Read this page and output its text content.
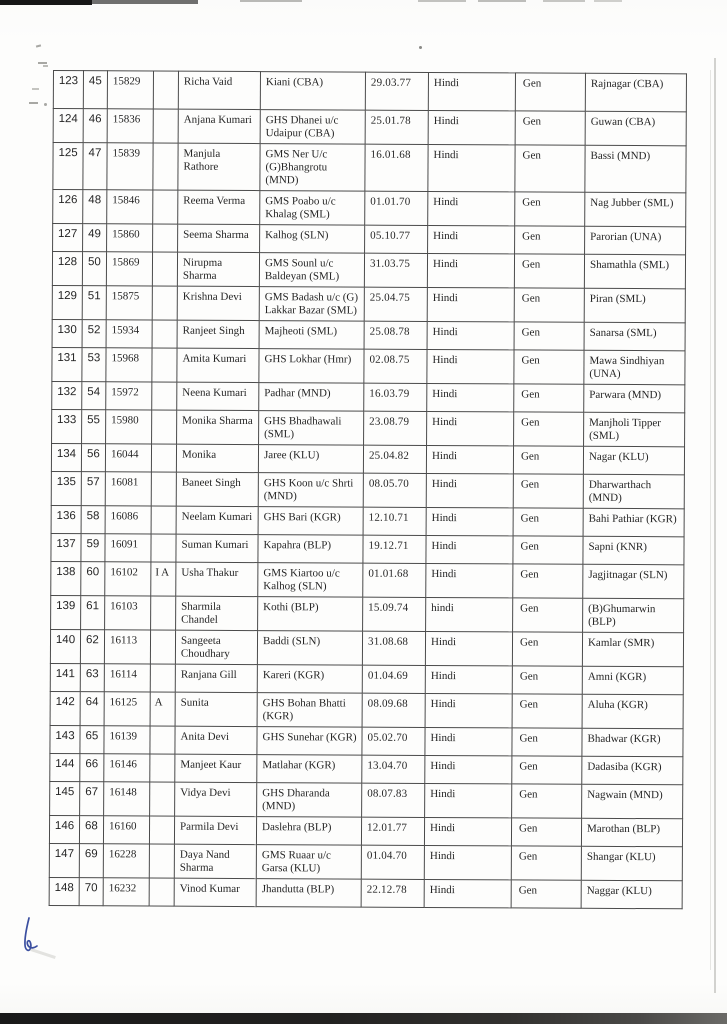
123	45	15829		Richa Vaid	Kiani (CBA)	29.03.77	Hindi	Gen	Rajnagar (CBA)
124	46	15836		Anjana Kumari	GHS Dhanei u/c Udaipur (CBA)	25.01.78	Hindi	Gen	Guwan (CBA)
125	47	15839		Manjula Rathore	GMS Ner U/c (G)Bhangrotu (MND)	16.01.68	Hindi	Gen	Bassi (MND)
126	48	15846		Reema Verma	GMS Poabo u/c Khalag (SML)	01.01.70	Hindi	Gen	Nag Jubber (SML)
127	49	15860		Seema Sharma	Kalhog (SLN)	05.10.77	Hindi	Gen	Parorian (UNA)
128	50	15869		Nirupma Sharma	GMS Sounl u/c Baldeyan (SML)	31.03.75	Hindi	Gen	Shamathla (SML)
129	51	15875		Krishna Devi	GMS Badash u/c (G) Lakkar Bazar (SML)	25.04.75	Hindi	Gen	Piran (SML)
130	52	15934		Ranjeet Singh	Majheoti (SML)	25.08.78	Hindi	Gen	Sanarsa (SML)
131	53	15968		Amita Kumari	GHS Lokhar (Hmr)	02.08.75	Hindi	Gen	Mawa Sindhiyan (UNA)
132	54	15972		Neena Kumari	Padhar (MND)	16.03.79	Hindi	Gen	Parwara (MND)
133	55	15980		Monika Sharma	GHS Bhadhawali (SML)	23.08.79	Hindi	Gen	Manjholi Tipper (SML)
134	56	16044		Monika	Jaree (KLU)	25.04.82	Hindi	Gen	Nagar (KLU)
135	57	16081		Baneet Singh	GHS Koon u/c Shrti (MND)	08.05.70	Hindi	Gen	Dharwarthach (MND)
136	58	16086		Neelam Kumari	GHS Bari (KGR)	12.10.71	Hindi	Gen	Bahi Pathiar (KGR)
137	59	16091		Suman Kumari	Kapahra (BLP)	19.12.71	Hindi	Gen	Sapni (KNR)
138	60	16102	I A	Usha Thakur	GMS Kiartoo u/c Kalhog (SLN)	01.01.68	Hindi	Gen	Jagjitnagar (SLN)
139	61	16103		Sharmila Chandel	Kothi (BLP)	15.09.74	hindi	Gen	(B)Ghumarwin (BLP)
140	62	16113		Sangeeta Choudhary	Baddi (SLN)	31.08.68	Hindi	Gen	Kamlar (SMR)
141	63	16114		Ranjana Gill	Kareri (KGR)	01.04.69	Hindi	Gen	Amni (KGR)
142	64	16125	A	Sunita	GHS Bohan Bhatti (KGR)	08.09.68	Hindi	Gen	Aluha (KGR)
143	65	16139		Anita Devi	GHS Sunehar (KGR)	05.02.70	Hindi	Gen	Bhadwar (KGR)
144	66	16146		Manjeet Kaur	Matlahar (KGR)	13.04.70	Hindi	Gen	Dadasiba (KGR)
145	67	16148		Vidya Devi	GHS Dharanda (MND)	08.07.83	Hindi	Gen	Nagwain (MND)
146	68	16160		Parmila Devi	Daslehra (BLP)	12.01.77	Hindi	Gen	Marothan (BLP)
147	69	16228		Daya Nand Sharma	GMS Ruaar u/c Garsa (KLU)	01.04.70	Hindi	Gen	Shangar (KLU)
148	70	16232		Vinod Kumar	Jhandutta (BLP)	22.12.78	Hindi	Gen	Naggar (KLU)
